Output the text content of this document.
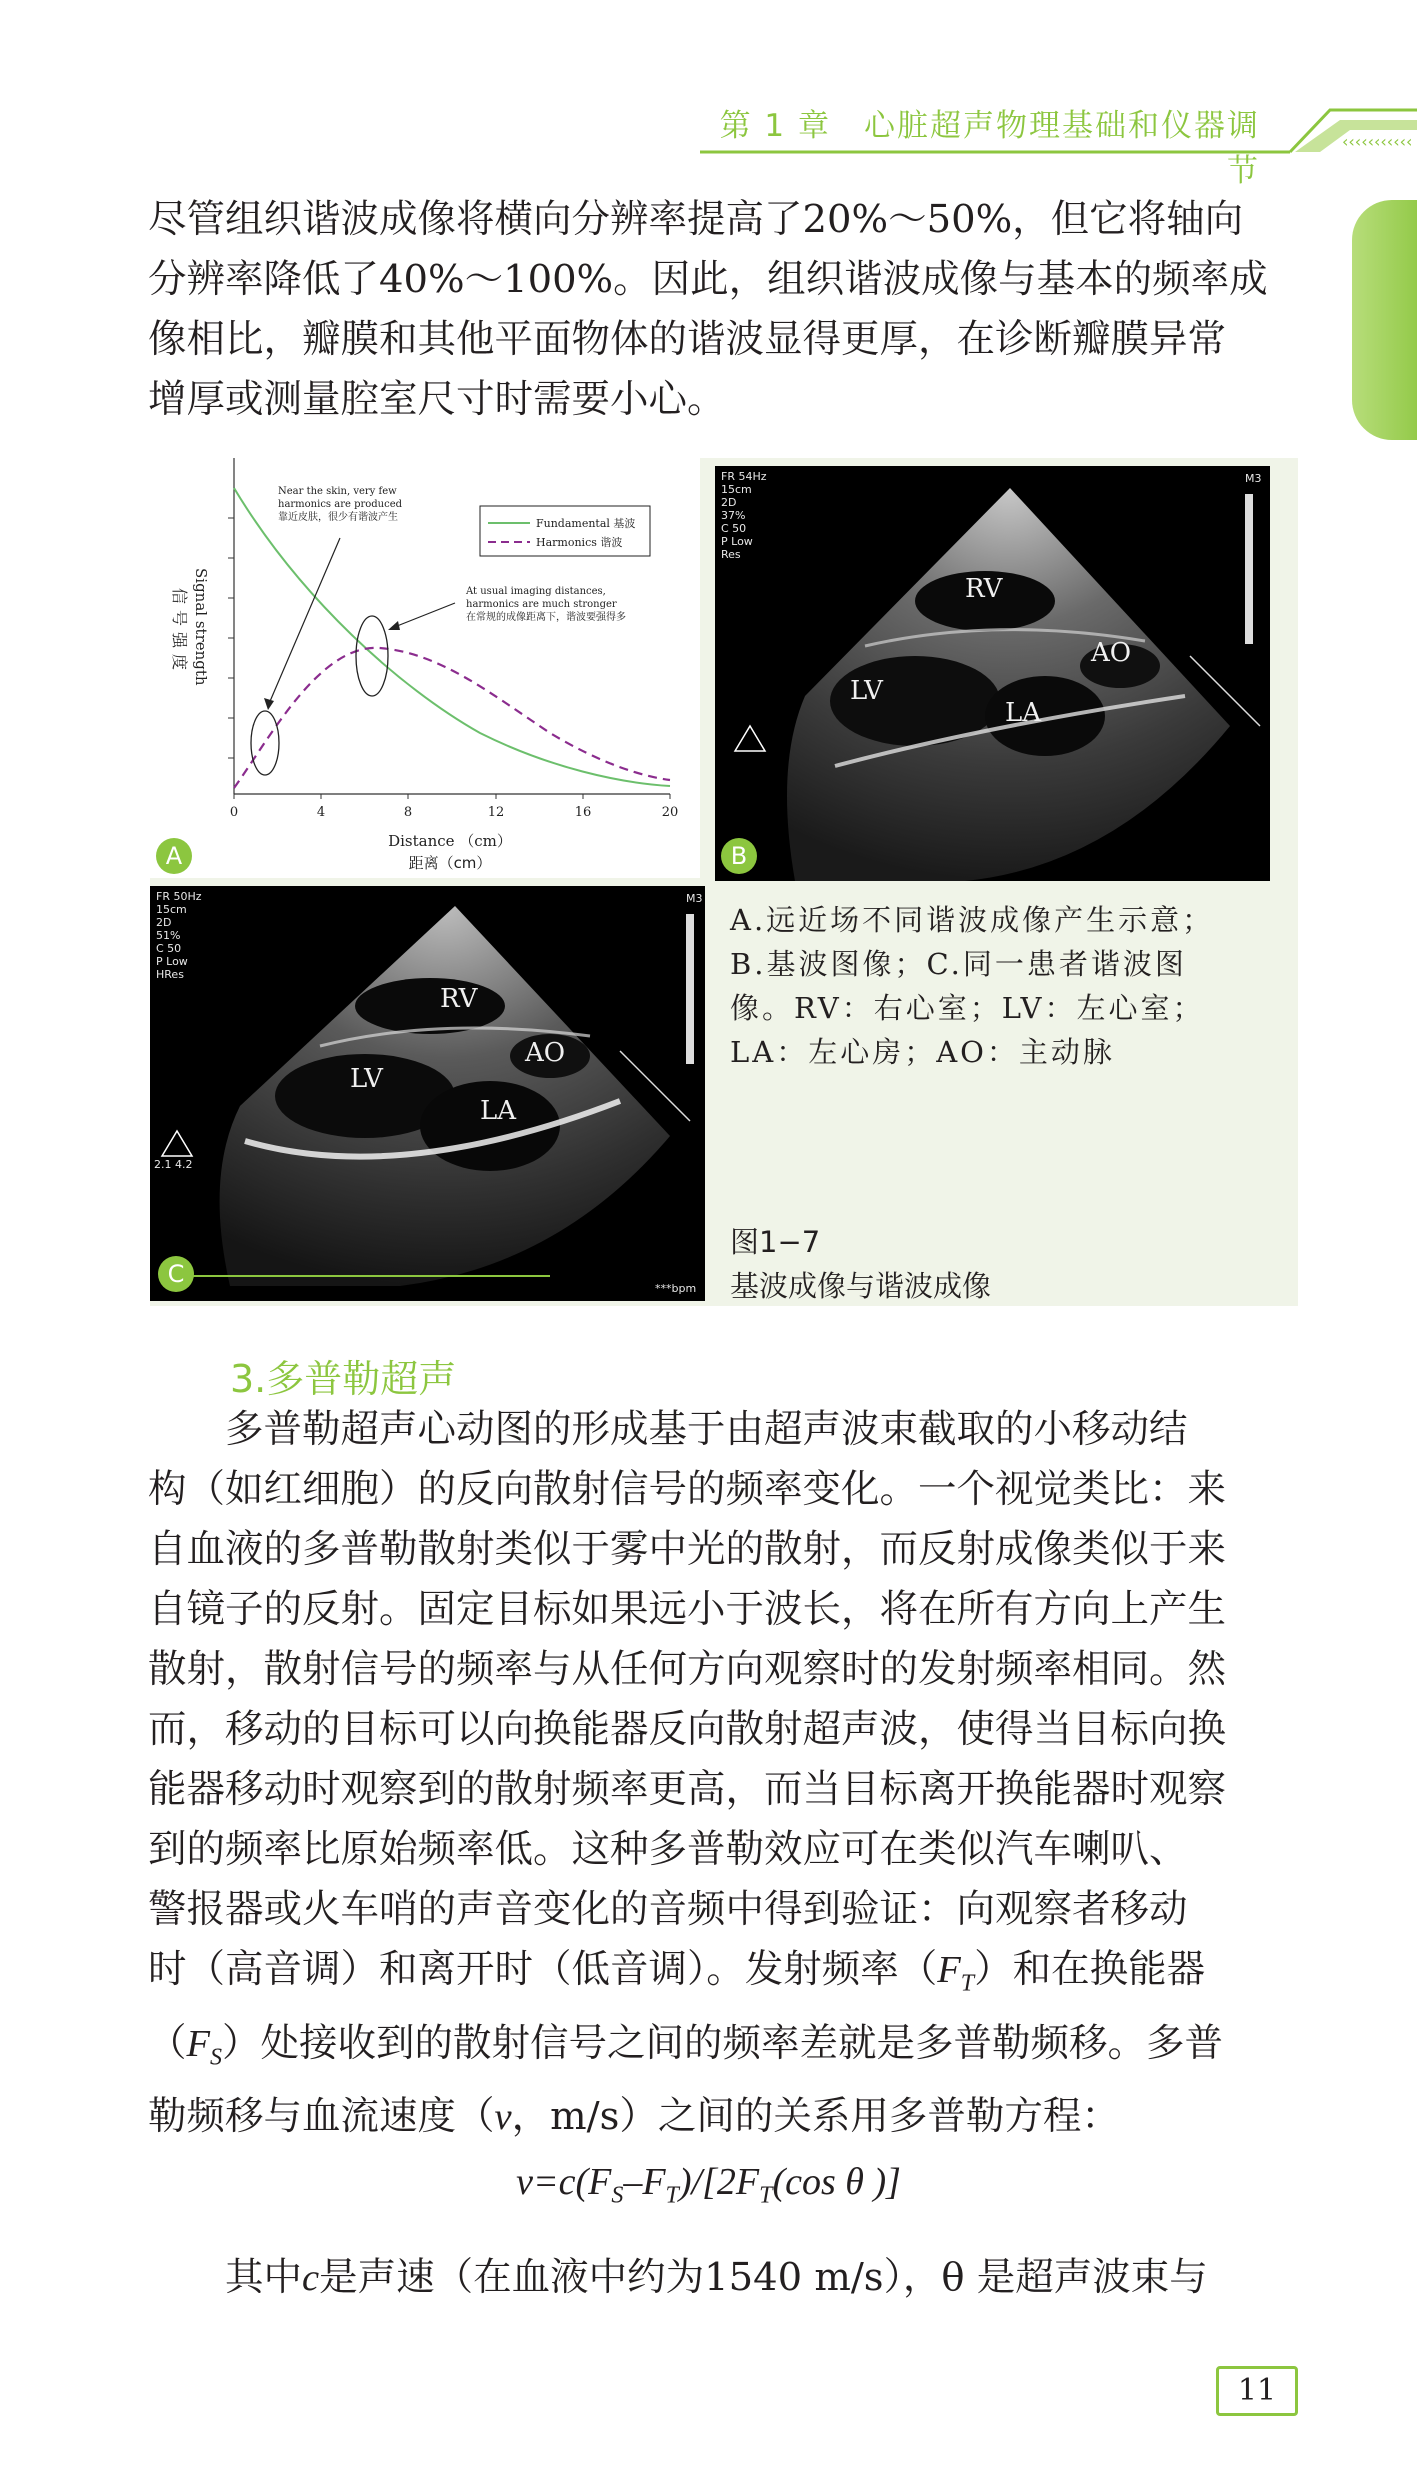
‹‹‹‹‹‹‹‹‹‹‹
第 1 章　心脏超声物理基础和仪器调节

尽管组织谐波成像将横向分辨率提高了20%～50%，但它将轴向
分辨率降低了40%～100%。因此，组织谐波成像与基本的频率成
像相比，瓣膜和其他平面物体的谐波显得更厚，在诊断瓣膜异常
增厚或测量腔室尺寸时需要小心。

0	4	8	12	16	20
Near the skin, very few
harmonics are produced
靠近皮肤，很少有谐波产生
At usual imaging distances,
harmonics are much stronger
在常规的成像距离下，谐波要强得多
Fundamental 基波
Harmonics 谐波
Signal strength
信号强度
Distance （cm）
距离（cm）
A
FR 54Hz
15cm
2D
37%
C 50
P Low
Res
M3
RV
AO
LV
LA
B
FR 50Hz
15cm
2D
51%
C 50
P Low
HRes
M3
2.1 4.2
***bpm
RV
AO
LV
LA
C
A.远近场不同谐波成像产生示意；
B.基波图像；C.同一患者谐波图
像。RV：右心室；LV：左心室；
LA：左心房；AO：主动脉
图1−7
基波成像与谐波成像
3.多普勒超声

　　多普勒超声心动图的形成基于由超声波束截取的小移动结
构（如红细胞）的反向散射信号的频率变化。一个视觉类比：来
自血液的多普勒散射类似于雾中光的散射，而反射成像类似于来
自镜子的反射。固定目标如果远小于波长，将在所有方向上产生
散射，散射信号的频率与从任何方向观察时的发射频率相同。然
而，移动的目标可以向换能器反向散射超声波，使得当目标向换
能器移动时观察到的散射频率更高，而当目标离开换能器时观察
到的频率比原始频率低。这种多普勒效应可在类似汽车喇叭、
警报器或火车哨的声音变化的音频中得到验证：向观察者移动
时（高音调）和离开时（低音调）。发射频率$(F_T)$和在换能器
$(F_S)$处接收到的散射信号之间的频率差就是多普勒频移。多普
勒频移与血流速度（v，m/s）之间的关系用多普勒方程：

$v=c(F_S-F_T)/[2F_T(\cos$ θ )]

　　其中c是声速（在血液中约为1540 m/s），θ 是超声波束与

11
